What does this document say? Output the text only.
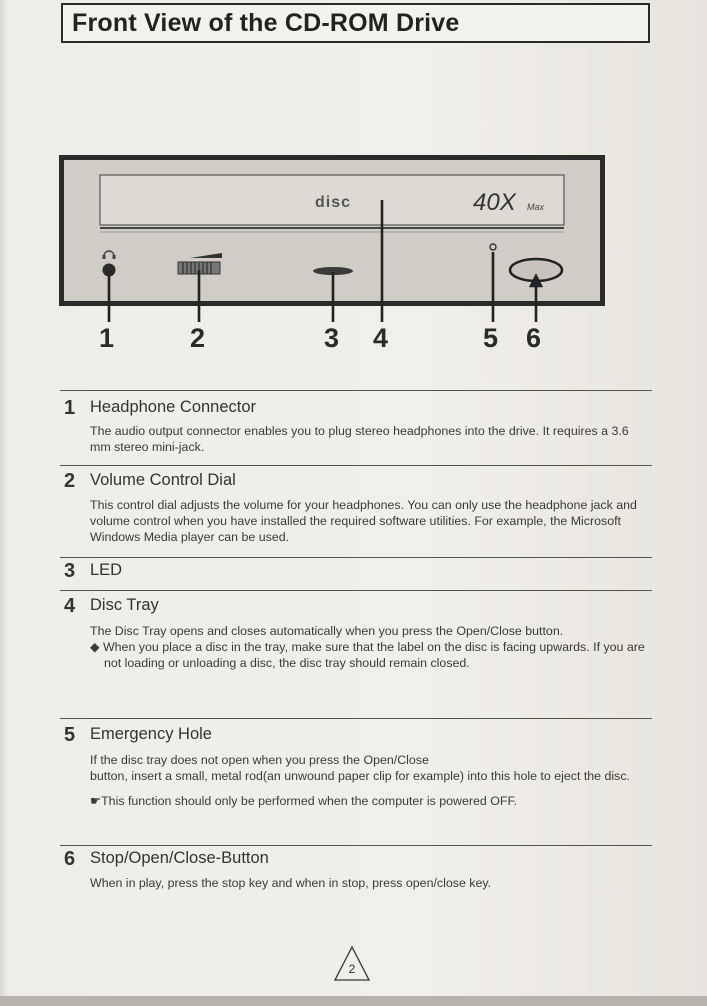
Front View of the CD-ROM Drive
disc	40X Max
1	2	3 4	5 6
1 Headphone Connector

The audio output connector enables you to plug stereo headphones into the drive. It requires a 3.6 mm stereo mini-jack.

2 Volume Control Dial

This control dial adjusts the volume for your headphones. You can only use the headphone jack and volume control when you have installed the required software utilities. For example, the Microsoft Windows Media player can be used.

3 LED
4 Disc Tray

The Disc Tray opens and closes automatically when you press the Open/Close button.

◆ When you place a disc in the tray, make sure that the label on the disc is facing upwards. If you are not loading or unloading a disc, the disc tray should remain closed.

5 Emergency Hole

If the disc tray does not open when you press the Open/Close

button, insert a small, metal rod(an unwound paper clip for example) into this hole to eject the disc.

☛This function should only be performed when the computer is powered OFF.

6 Stop/Open/Close-Button

When in play, press the stop key and when in stop, press open/close key.

2
